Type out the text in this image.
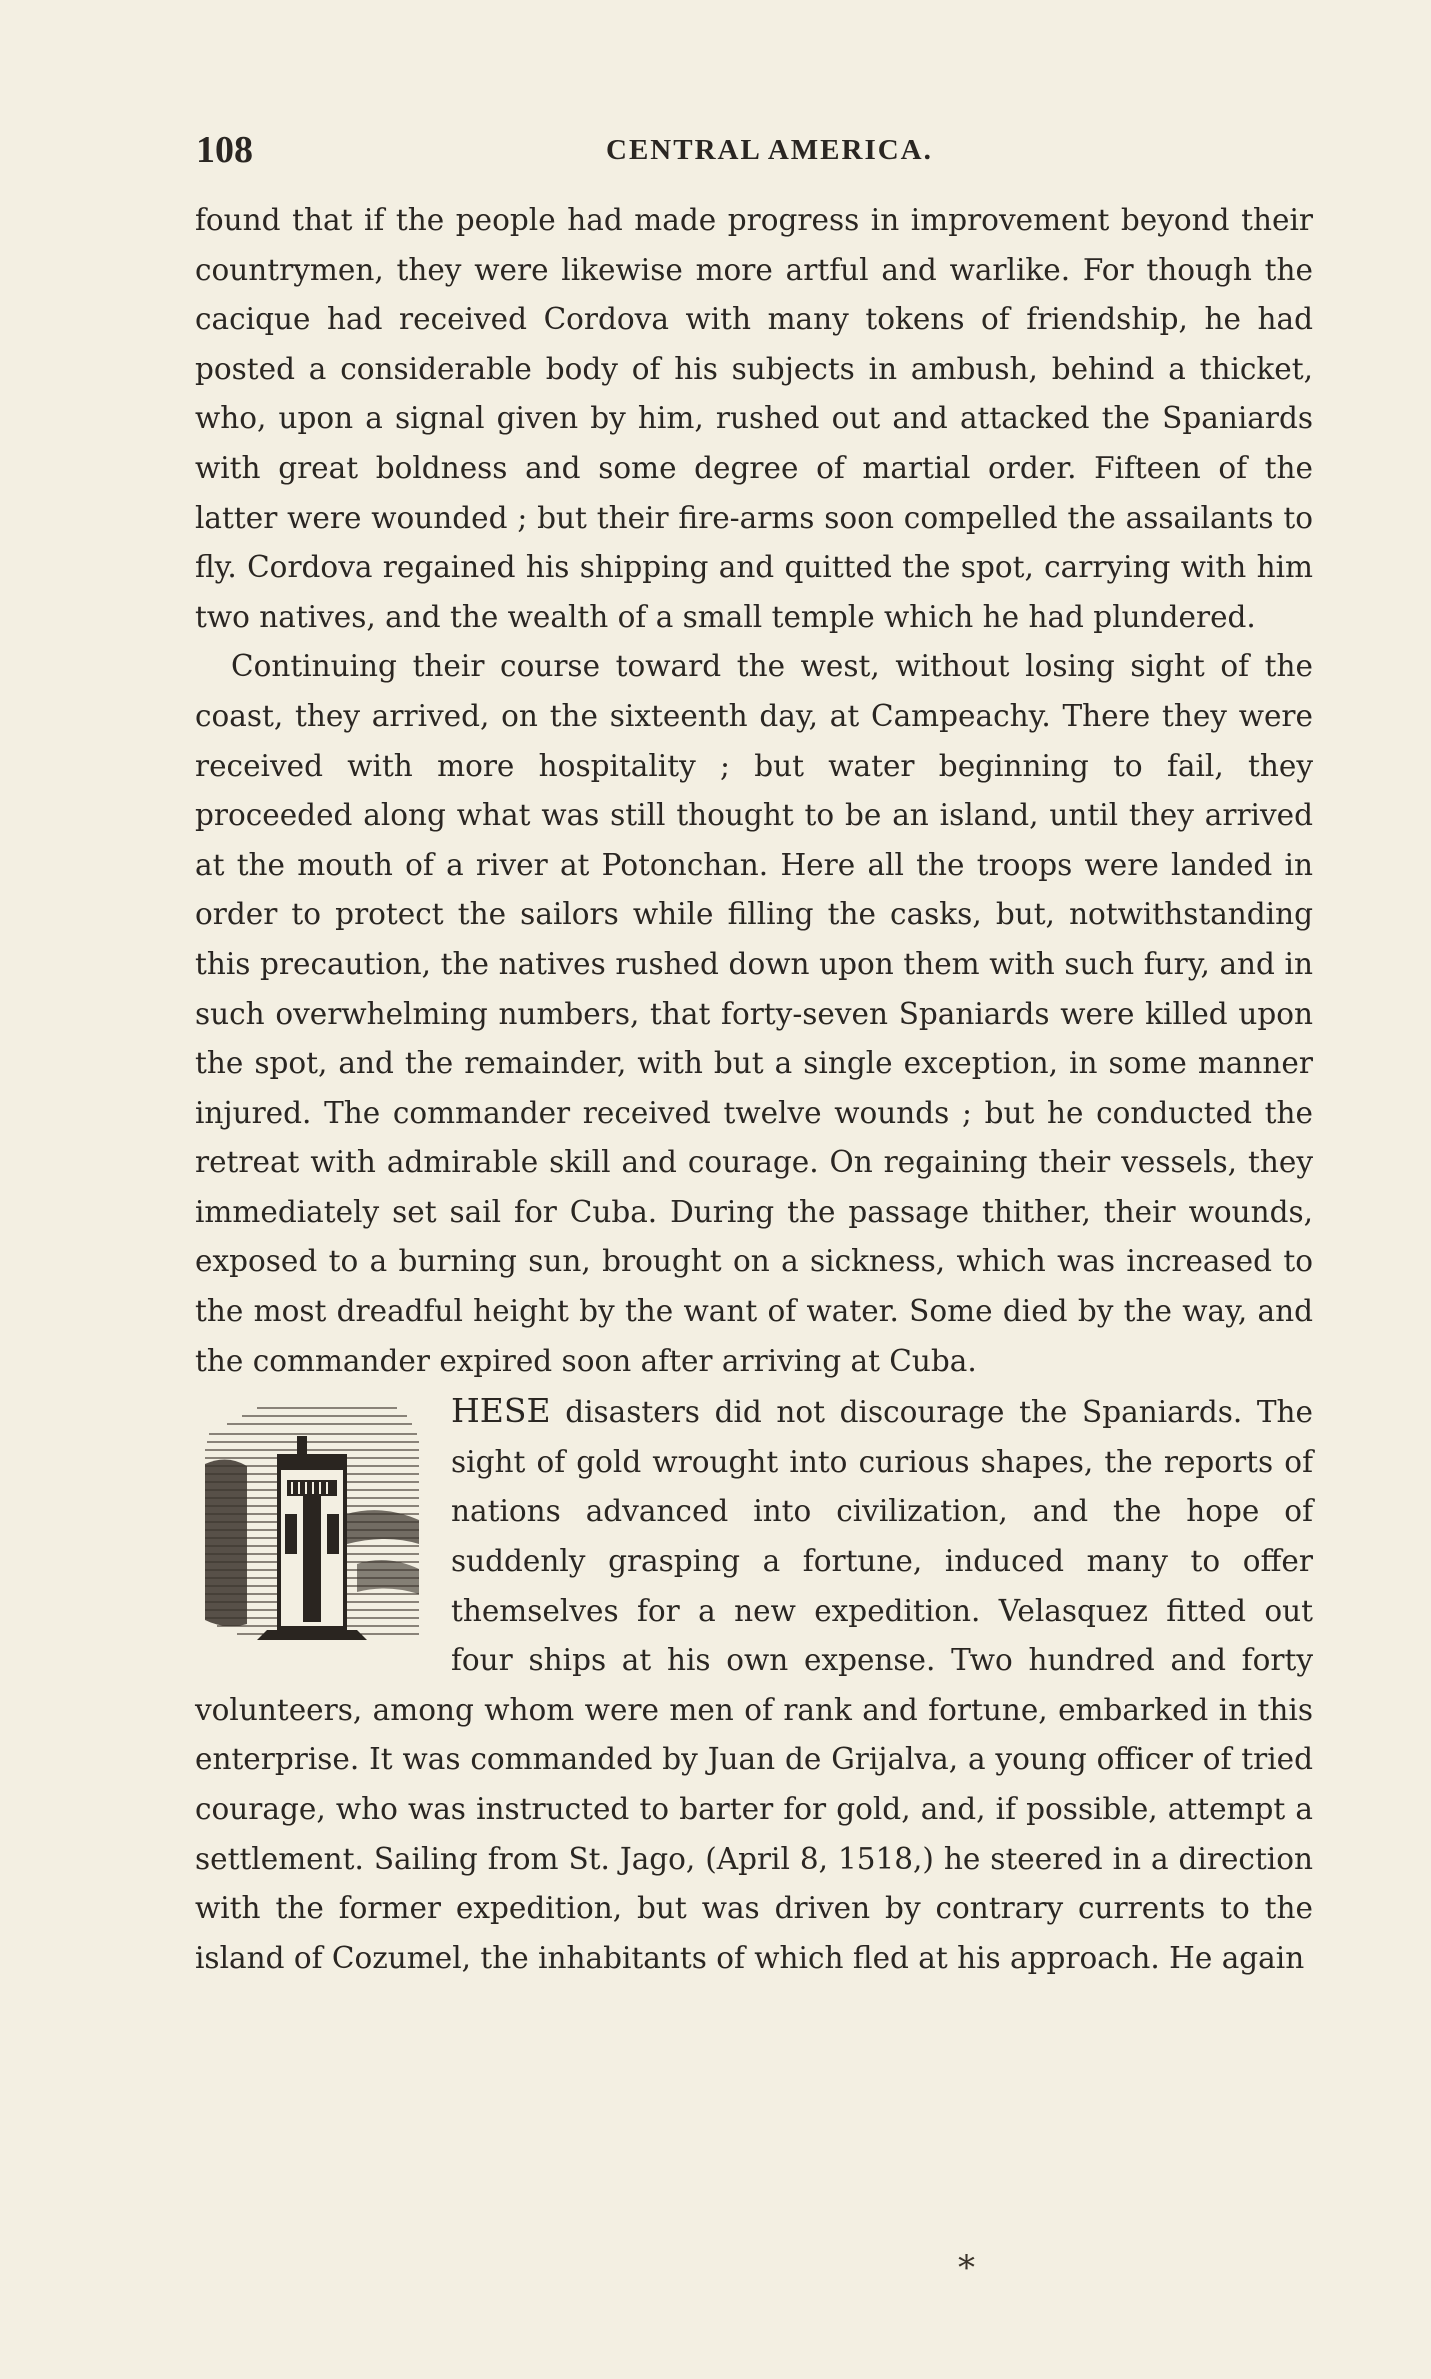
108	CENTRAL AMERICA.

found that if the people had made progress in improvement beyond their countrymen, they were likewise more artful and warlike. For though the cacique had received Cordova with many tokens of friendship, he had posted a considerable body of his subjects in ambush, behind a thicket, who, upon a signal given by him, rushed out and attacked the Spaniards with great boldness and some degree of martial order. Fifteen of the latter were wounded ; but their fire-arms soon compelled the assailants to fly. Cordova regained his shipping and quitted the spot, carrying with him two natives, and the wealth of a small temple which he had plundered.

Continuing their course toward the west, without losing sight of the coast, they arrived, on the sixteenth day, at Campeachy. There they were received with more hospitality ; but water beginning to fail, they proceeded along what was still thought to be an island, until they arrived at the mouth of a river at Potonchan. Here all the troops were landed in order to protect the sailors while filling the casks, but, notwithstanding this precaution, the natives rushed down upon them with such fury, and in such overwhelming numbers, that forty-seven Spaniards were killed upon the spot, and the remainder, with but a single exception, in some manner injured. The commander received twelve wounds ; but he conducted the retreat with admirable skill and courage. On regaining their vessels, they immediately set sail for Cuba. During the passage thither, their wounds, exposed to a burning sun, brought on a sickness, which was increased to the most dreadful height by the want of water. Some died by the way, and the commander expired soon after arriving at Cuba.

HESE disasters did not discourage the Spaniards. The sight of gold wrought into curious shapes, the reports of nations advanced into civilization, and the hope of suddenly grasping a fortune, induced many to offer themselves for a new expedition. Velasquez fitted out four ships at his own expense. Two hundred and forty volunteers, among whom were men of rank and fortune, embarked in this enterprise. It was commanded by Juan de Grijalva, a young officer of tried courage, who was instructed to barter for gold, and, if possible, attempt a settlement. Sailing from St. Jago, (April 8, 1518,) he steered in a direction with the former expedition, but was driven by contrary currents to the island of Cozumel, the inhabitants of which fled at his approach. He again

*
